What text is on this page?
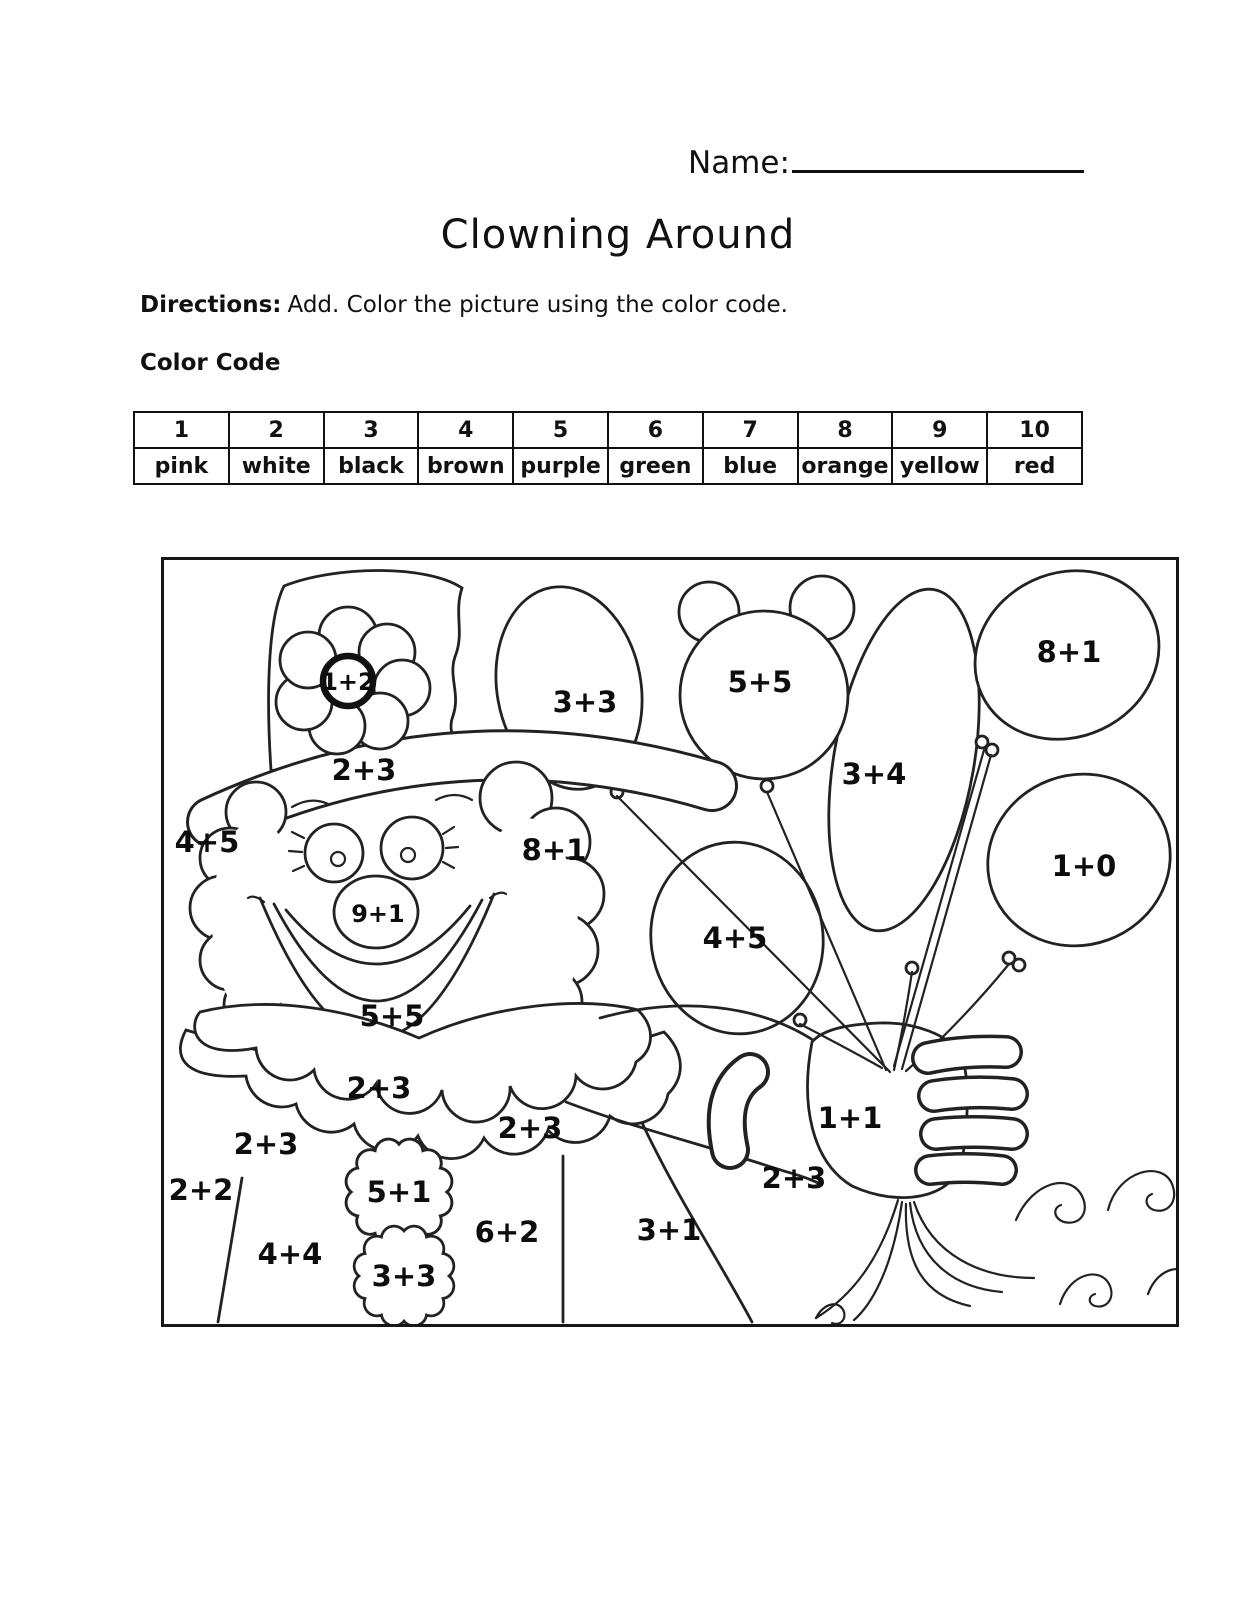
Name:
Clowning Around
Directions: Add. Color the picture using the color code.
Color Code
1	2	3	4	5	6	7	8	9	10
pink	white	black	brown	purple	green	blue	orange	yellow	red
1+2
2+3
3+3
5+5
8+1
3+4
4+5	8+1	1+0
9+1
4+5
5+5
2+3
2+3	2+3
2+2	5+1
1+1
2+3
4+4
6+2
3+3
3+1
